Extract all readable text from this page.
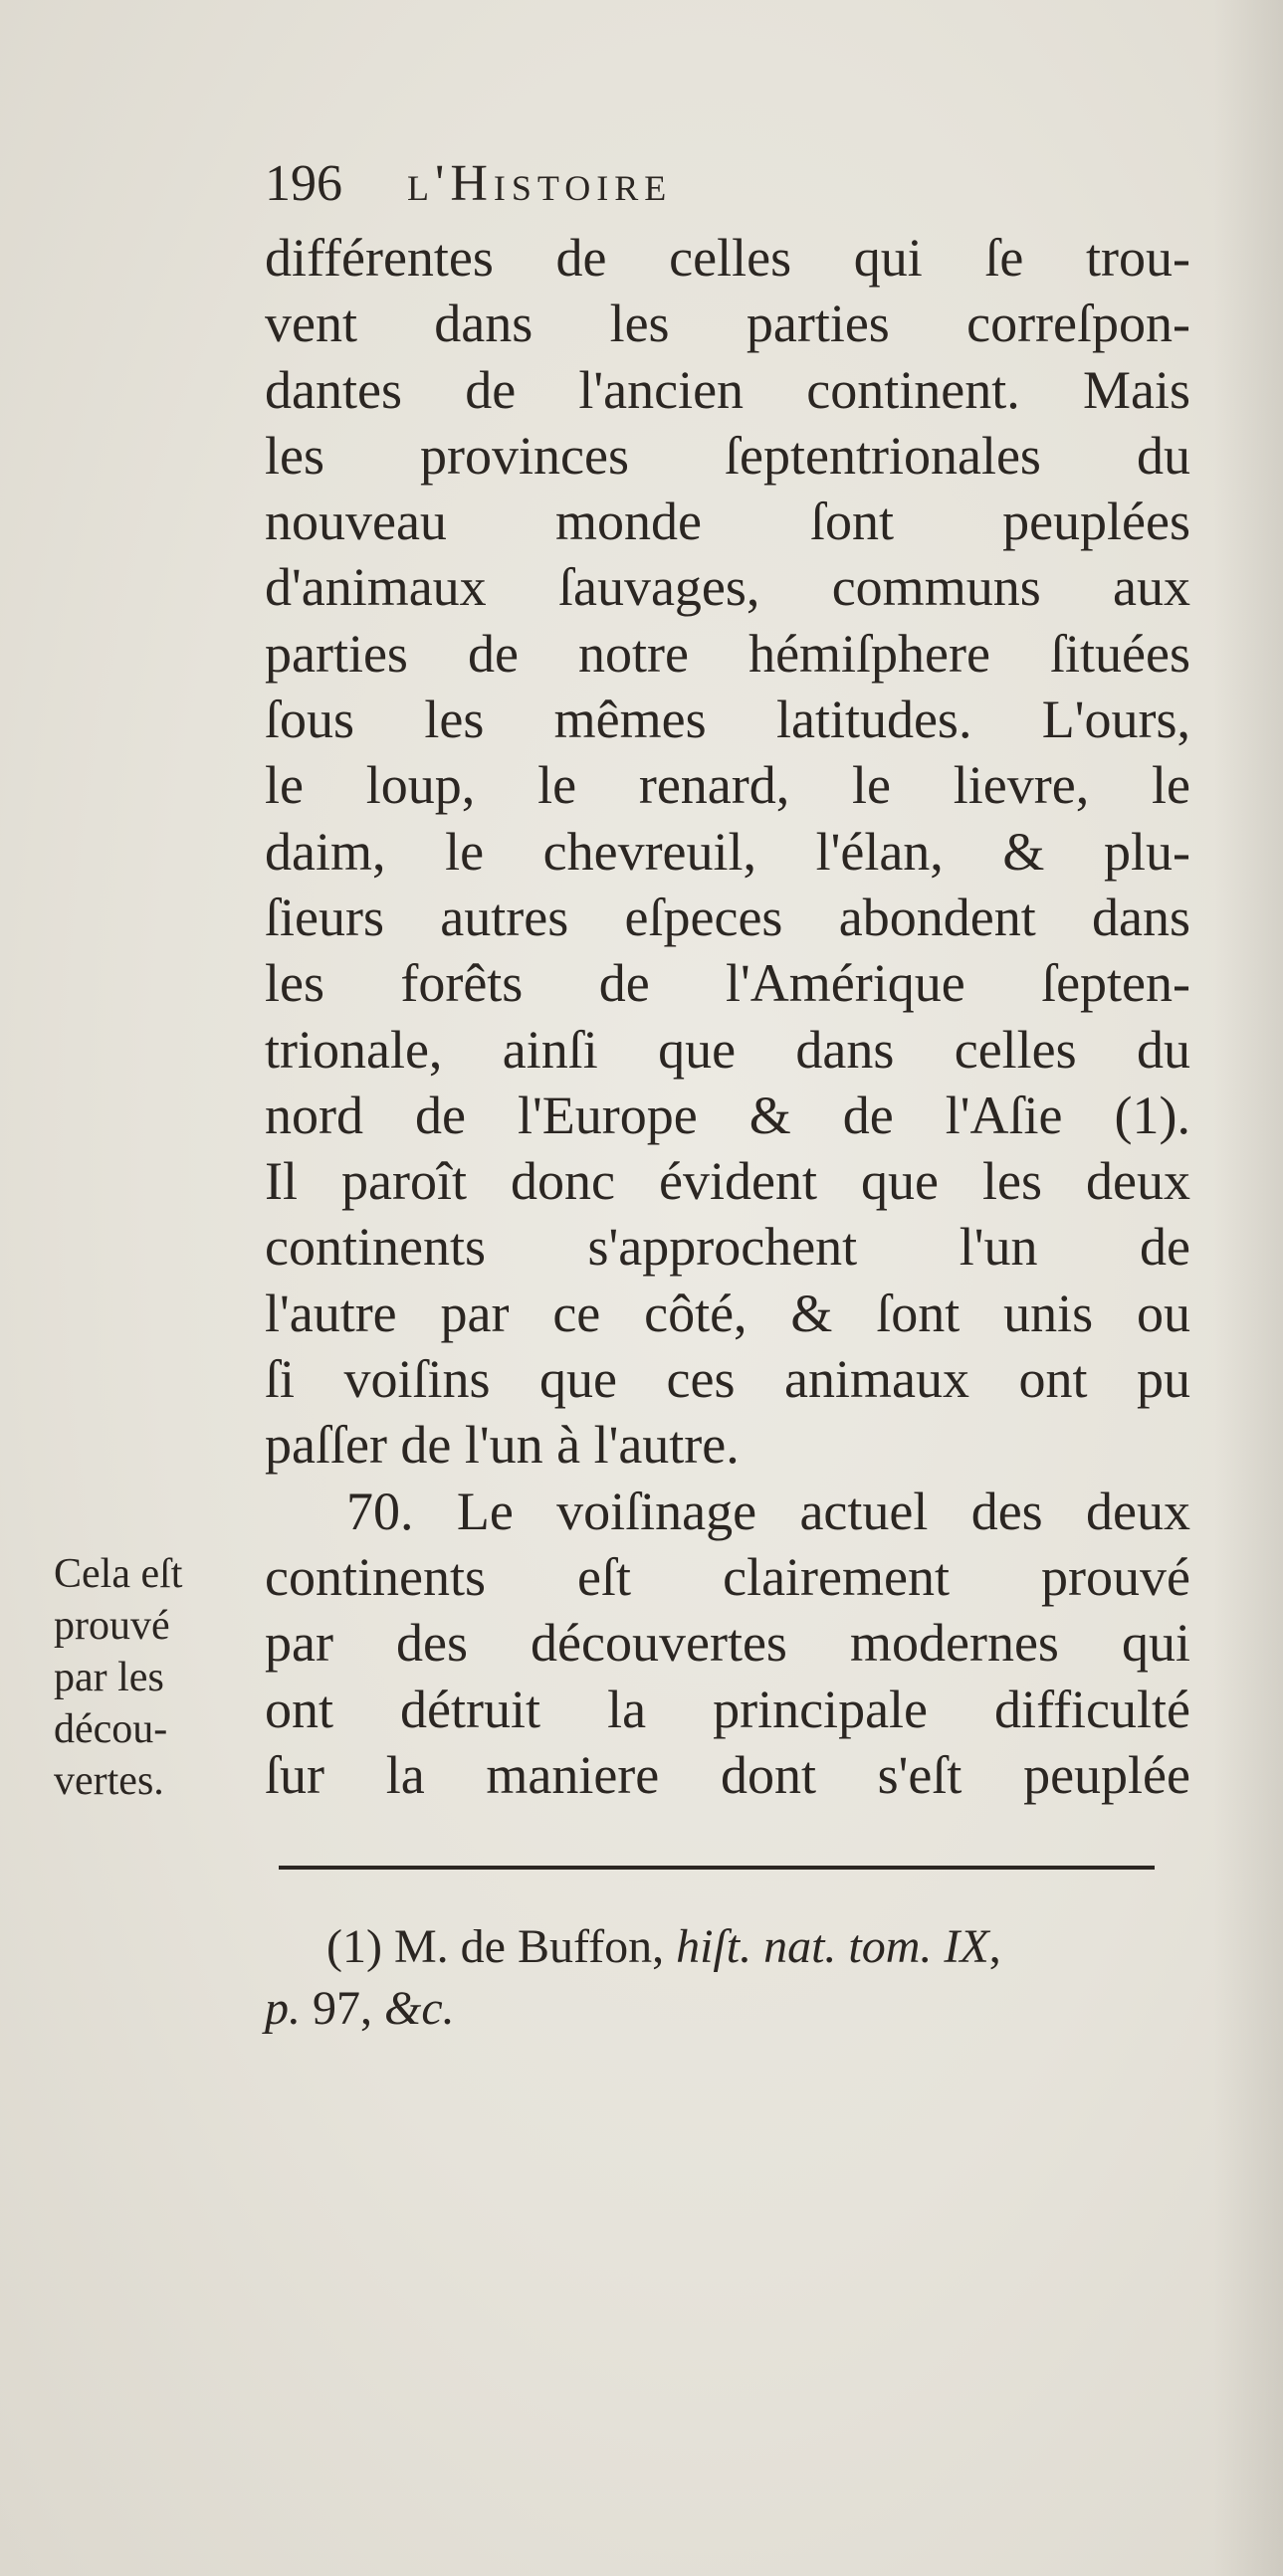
196 l'Histoire
différentes de celles qui ſe trou-
vent dans les parties correſpon-
dantes de l'ancien continent. Mais
les provinces ſeptentrionales du
nouveau monde ſont peuplées
d'animaux ſauvages, communs aux
parties de notre hémiſphere ſituées
ſous les mêmes latitudes. L'ours,
le loup, le renard, le lievre, le
daim, le chevreuil, l'élan, & plu-
ſieurs autres eſpeces abondent dans
les forêts de l'Amérique ſepten-
trionale, ainſi que dans celles du
nord de l'Europe & de l'Aſie (1).
Il paroît donc évident que les deux
continents s'approchent l'un de
l'autre par ce côté, & ſont unis ou
ſi voiſins que ces animaux ont pu
paſſer de l'un à l'autre.
70. Le voiſinage actuel des deux
continents eſt clairement prouvé
par des découvertes modernes qui
ont détruit la principale difficulté
ſur la maniere dont s'eſt peuplée
Cela eſt
prouvé
par les
décou-
vertes.
(1) M. de Buffon, hiſt. nat. tom. IX,
p. 97, &c.
